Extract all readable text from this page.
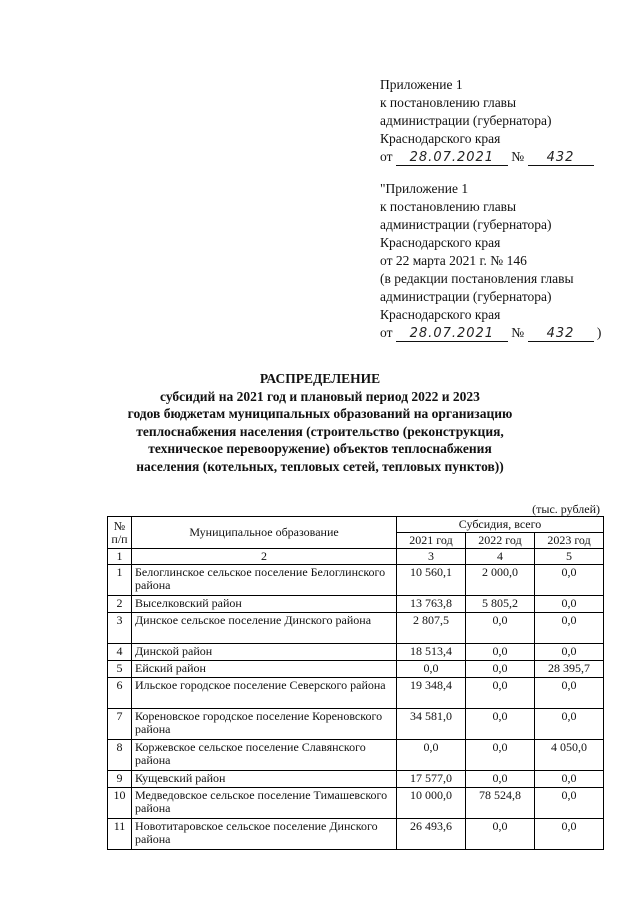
Приложение 1
к постановлению главы
администрации (губернатора)
Краснодарского края
от 28.07.2021 № 432
"Приложение 1
к постановлению главы
администрации (губернатора)
Краснодарского края
от 22 марта 2021 г. № 146
(в редакции постановления главы
администрации (губернатора)
Краснодарского края
от 28.07.2021 № 432 )
РАСПРЕДЕЛЕНИЕ
субсидий на 2021 год и плановый период 2022 и 2023
годов бюджетам муниципальных образований на организацию
теплоснабжения населения (строительство (реконструкция,
техническое перевооружение) объектов теплоснабжения
населения (котельных, тепловых сетей, тепловых пунктов))
(тыс. рублей)
№ п/п	Муниципальное образование	Субсидия, всего		
		2021 год	2022 год	2023 год
1	2	3	4	5
1	Белоглинское сельское поселение Белоглинского района	10 560,1	2 000,0	0,0
2	Выселковский район	13 763,8	5 805,2	0,0
3	Динское сельское поселение Динского района	2 807,5	0,0	0,0
4	Динской район	18 513,4	0,0	0,0
5	Ейский район	0,0	0,0	28 395,7
6	Ильское городское поселение Северского района	19 348,4	0,0	0,0
7	Кореновское городское поселение Кореновского района	34 581,0	0,0	0,0
8	Коржевское сельское поселение Славянского района	0,0	0,0	4 050,0
9	Кущевский район	17 577,0	0,0	0,0
10	Медведовское сельское поселение Тимашевского района	10 000,0	78 524,8	0,0
11	Новотитаровское сельское поселение Динского района	26 493,6	0,0	0,0
